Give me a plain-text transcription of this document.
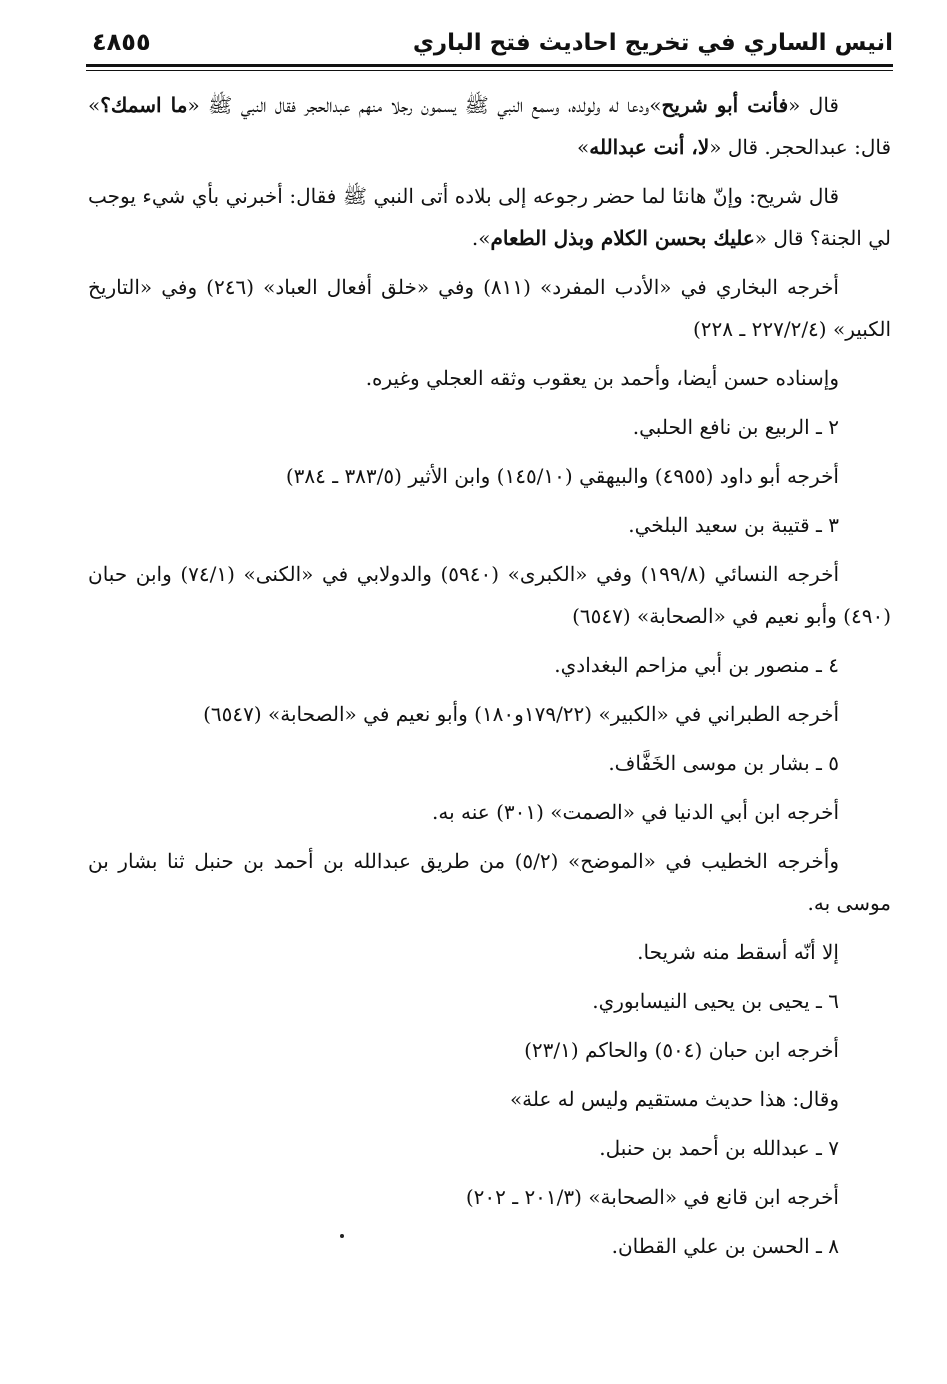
انيس الساري في تخريج احاديث فتح الباري
٤٨٥٥

قال «فأنت أبو شريح»ودعا له ولولده، وسمع النبي ﷺ يسمون رجلا منهم عبدالحجر فقال النبي ﷺ «ما اسمك؟» قال: عبدالحجر. قال «لا، أنت عبدالله»

قال شريح: وإنّ هانئا لما حضر رجوعه إلى بلاده أتى النبي ﷺ فقال: أخبرني بأي شيء يوجب لي الجنة؟ قال «عليك بحسن الكلام وبذل الطعام».

أخرجه البخاري في «الأدب المفرد» (٨١١) وفي «خلق أفعال العباد» (٢٤٦) وفي «التاريخ الكبير» (٢٢٧/٢/٤ ـ ٢٢٨)

وإسناده حسن أيضا، وأحمد بن يعقوب وثقه العجلي وغيره.

٢ ـ الربيع بن نافع الحلبي.

أخرجه أبو داود (٤٩٥٥) والبيهقي (١٤٥/١٠) وابن الأثير (٣٨٣/٥ ـ ٣٨٤)

٣ ـ قتيبة بن سعيد البلخي.

أخرجه النسائي (١٩٩/٨) وفي «الكبرى» (٥٩٤٠) والدولابي في «الكنى» (٧٤/١) وابن حبان (٤٩٠) وأبو نعيم في «الصحابة» (٦٥٤٧)

٤ ـ منصور بن أبي مزاحم البغدادي.

أخرجه الطبراني في «الكبير» (١٧٩/٢٢و١٨٠) وأبو نعيم في «الصحابة» (٦٥٤٧)

٥ ـ بشار بن موسى الخَفَّاف.

أخرجه ابن أبي الدنيا في «الصمت» (٣٠١) عنه به.

وأخرجه الخطيب في «الموضح» (٥/٢) من طريق عبدالله بن أحمد بن حنبل ثنا بشار بن موسى به.

إلا أنّه أسقط منه شريحا.

٦ ـ يحيى بن يحيى النيسابوري.

أخرجه ابن حبان (٥٠٤) والحاكم (٢٣/١)

وقال: هذا حديث مستقيم وليس له علة»

٧ ـ عبدالله بن أحمد بن حنبل.

أخرجه ابن قانع في «الصحابة» (٢٠١/٣ ـ ٢٠٢)

٨ ـ الحسن بن علي القطان.
